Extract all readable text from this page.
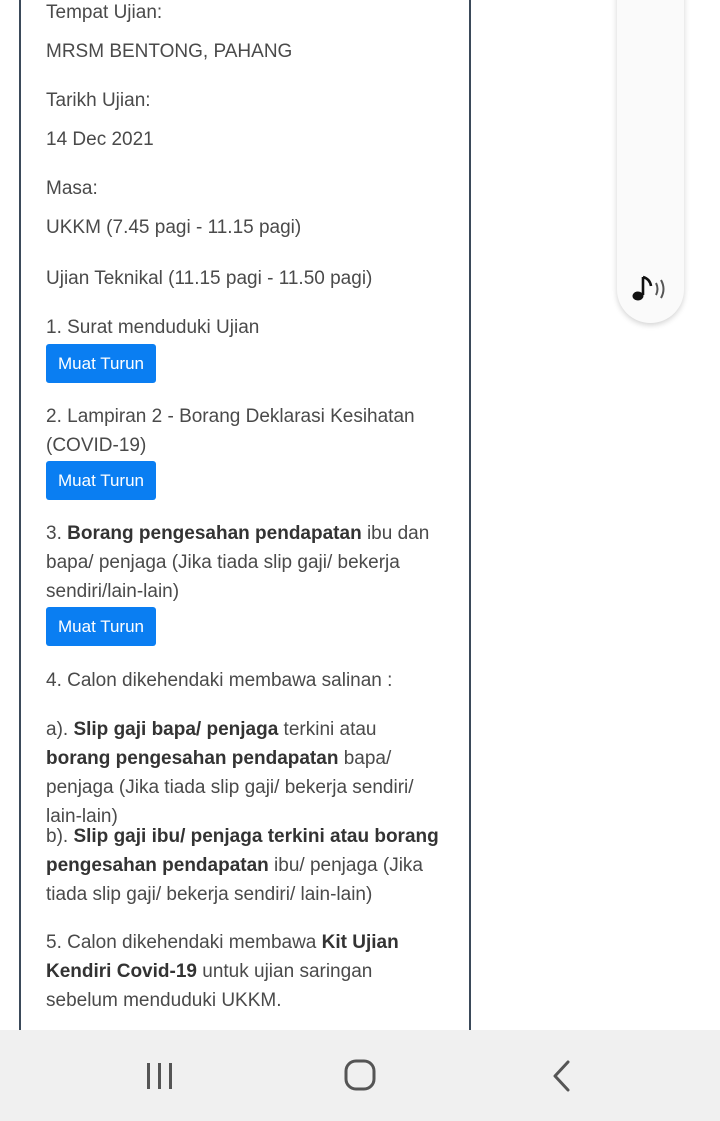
Tempat Ujian:
MRSM BENTONG, PAHANG
Tarikh Ujian:
14 Dec 2021
Masa:
UKKM (7.45 pagi - 11.15 pagi)
Ujian Teknikal (11.15 pagi - 11.50 pagi)
1. Surat menduduki Ujian
Muat Turun
2. Lampiran 2 - Borang Deklarasi Kesihatan
(COVID-19)
Muat Turun
3. Borang pengesahan pendapatan ibu dan bapa/ penjaga (Jika tiada slip gaji/ bekerja sendiri/lain-lain)
Muat Turun
4. Calon dikehendaki membawa salinan :
a). Slip gaji bapa/ penjaga terkini atau borang pengesahan pendapatan bapa/ penjaga (Jika tiada slip gaji/ bekerja sendiri/ lain-lain)
b). Slip gaji ibu/ penjaga terkini atau borang pengesahan pendapatan ibu/ penjaga (Jika tiada slip gaji/ bekerja sendiri/ lain-lain)
5. Calon dikehendaki membawa Kit Ujian Kendiri Covid-19 untuk ujian saringan sebelum menduduki UKKM.
